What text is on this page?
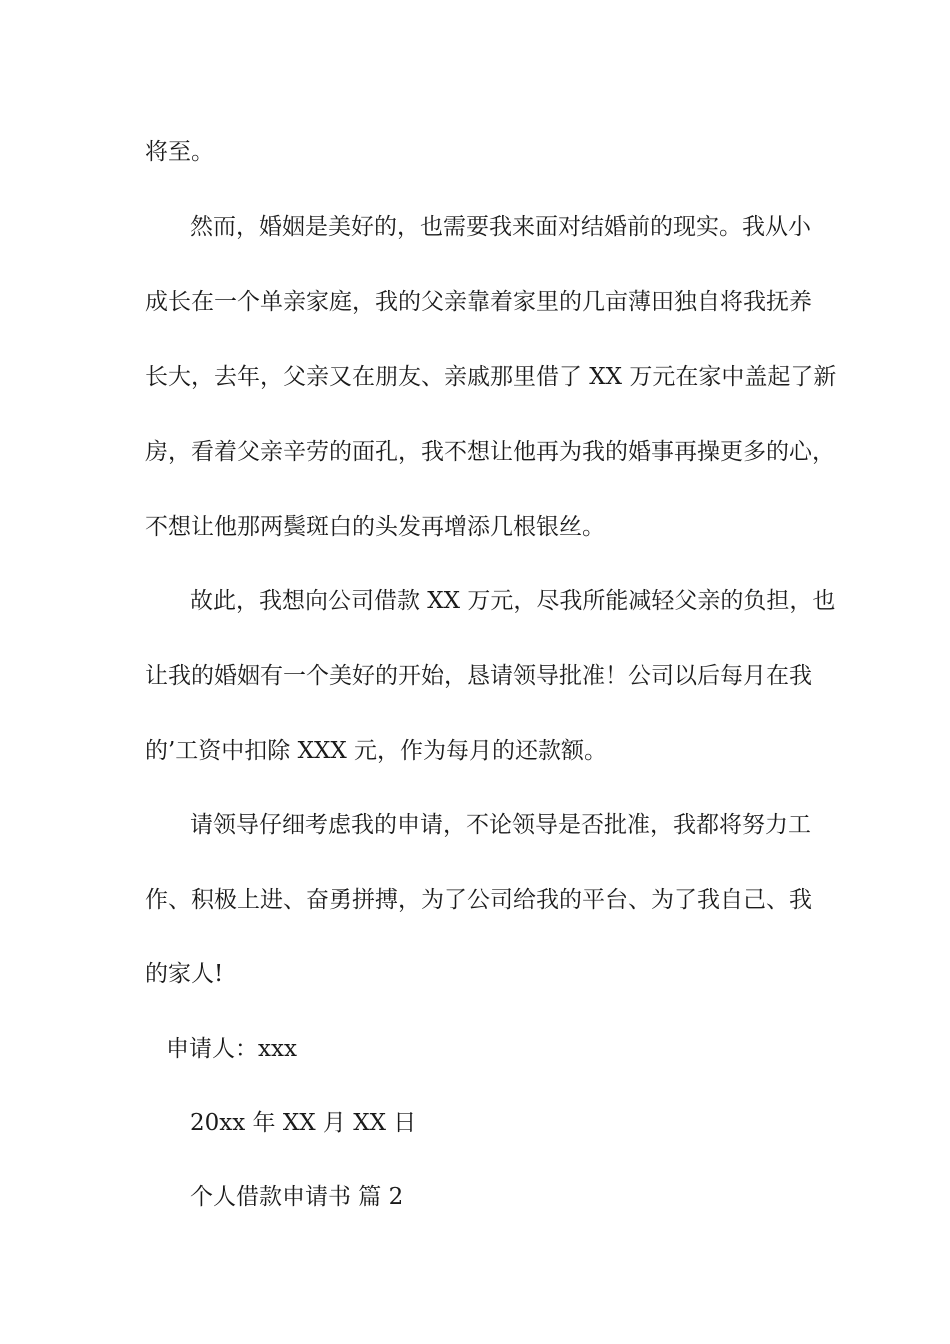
将至。
然而，婚姻是美好的，也需要我来面对结婚前的现实。我从小
成长在一个单亲家庭，我的父亲靠着家里的几亩薄田独自将我抚养
长大，去年，父亲又在朋友、亲戚那里借了 XX 万元在家中盖起了新
房，看着父亲辛劳的面孔，我不想让他再为我的婚事再操更多的心，
不想让他那两鬓斑白的头发再增添几根银丝。
故此，我想向公司借款 XX 万元，尽我所能减轻父亲的负担，也
让我的婚姻有一个美好的开始，恳请领导批准！公司以后每月在我
的’工资中扣除 XXX 元，作为每月的还款额。
请领导仔细考虑我的申请，不论领导是否批准，我都将努力工
作、积极上进、奋勇拼搏，为了公司给我的平台、为了我自己、我
的家人!
申请人：xxx
20xx 年 XX 月 XX 日
个人借款申请书 篇 2
